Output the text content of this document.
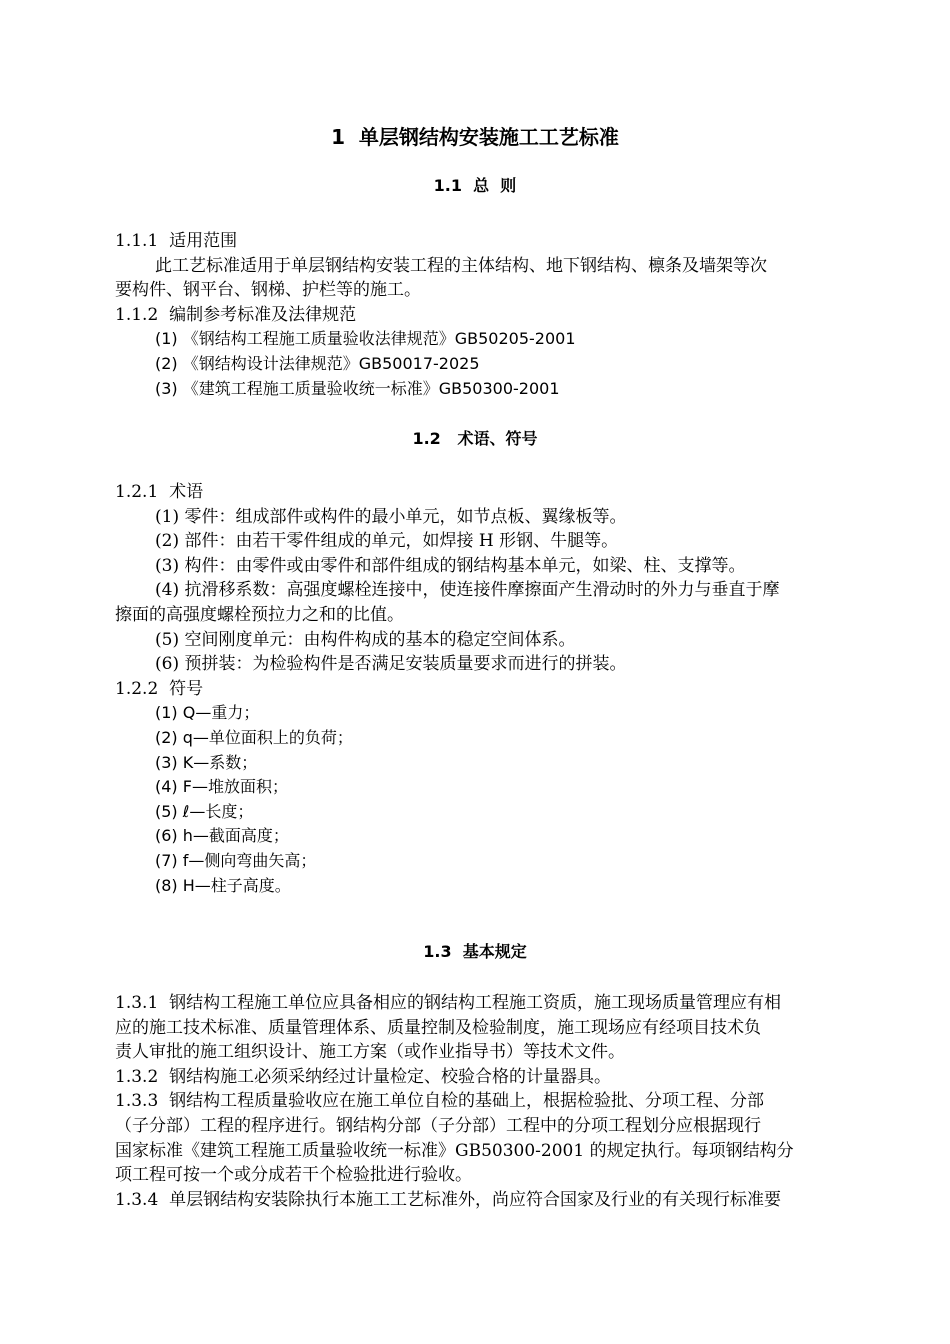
1  单层钢结构安装施工工艺标准
1.1  总  则
1.1.1  适用范围
此工艺标准适用于单层钢结构安装工程的主体结构、地下钢结构、檩条及墙架等次
要构件、钢平台、钢梯、护栏等的施工。
1.1.2  编制参考标准及法律规范
(1) 《钢结构工程施工质量验收法律规范》GB50205-2001
(2) 《钢结构设计法律规范》GB50017-2025
(3) 《建筑工程施工质量验收统一标准》GB50300-2001
1.2   术语、符号
1.2.1  术语
(1) 零件：组成部件或构件的最小单元，如节点板、翼缘板等。
(2) 部件：由若干零件组成的单元，如焊接 H 形钢、牛腿等。
(3) 构件：由零件或由零件和部件组成的钢结构基本单元，如梁、柱、支撑等。
(4) 抗滑移系数：高强度螺栓连接中，使连接件摩擦面产生滑动时的外力与垂直于摩
擦面的高强度螺栓预拉力之和的比值。
(5) 空间刚度单元：由构件构成的基本的稳定空间体系。
(6) 预拼装：为检验构件是否满足安装质量要求而进行的拼装。
1.2.2  符号
(1) Q—重力；
(2) q—单位面积上的负荷；
(3) K—系数；
(4) F—堆放面积；
(5) ℓ—长度；
(6) h—截面高度；
(7) f—侧向弯曲矢高；
(8) H—柱子高度。
1.3  基本规定
1.3.1  钢结构工程施工单位应具备相应的钢结构工程施工资质，施工现场质量管理应有相
应的施工技术标准、质量管理体系、质量控制及检验制度，施工现场应有经项目技术负
责人审批的施工组织设计、施工方案（或作业指导书）等技术文件。
1.3.2  钢结构施工必须采纳经过计量检定、校验合格的计量器具。
1.3.3  钢结构工程质量验收应在施工单位自检的基础上，根据检验批、分项工程、分部
（子分部）工程的程序进行。钢结构分部（子分部）工程中的分项工程划分应根据现行
国家标准《建筑工程施工质量验收统一标准》GB50300-2001 的规定执行。每项钢结构分
项工程可按一个或分成若干个检验批进行验收。
1.3.4  单层钢结构安装除执行本施工工艺标准外，尚应符合国家及行业的有关现行标准要
